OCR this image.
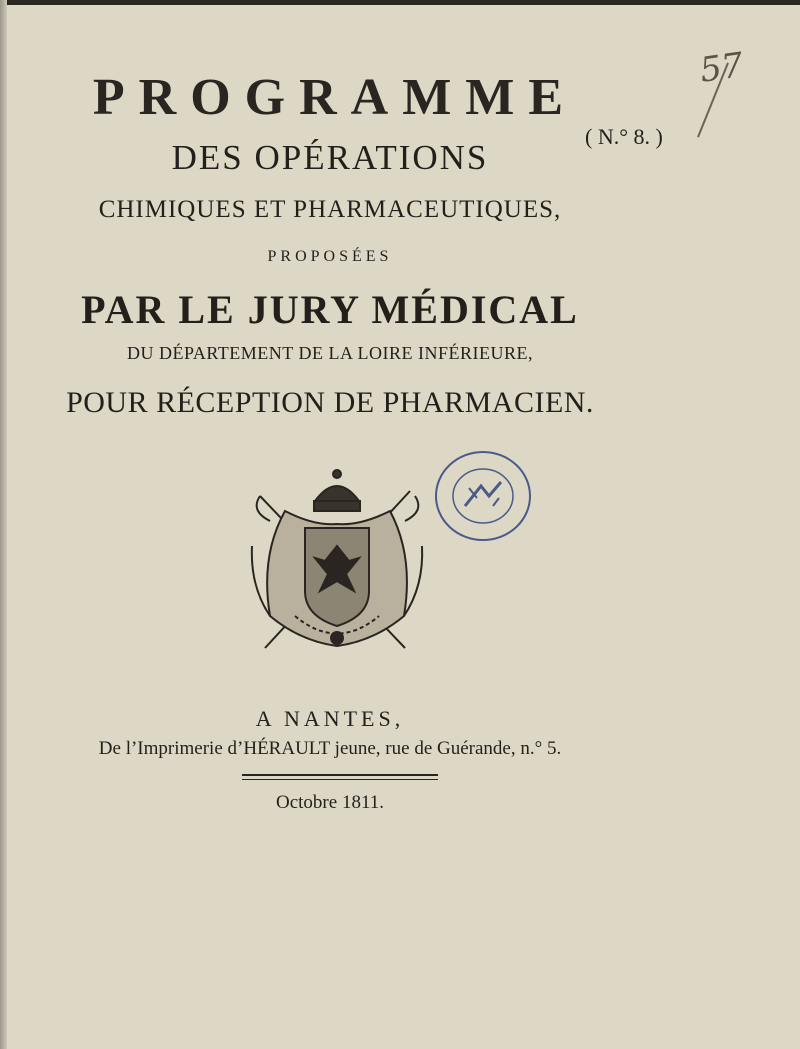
PROGRAMME
( N.° 8. )
57
DES OPÉRATIONS
CHIMIQUES ET PHARMACEUTIQUES,
PROPOSÉES
PAR LE JURY MÉDICAL
DU DÉPARTEMENT DE LA LOIRE INFÉRIEURE,
POUR RÉCEPTION DE PHARMACIEN.
A NANTES,
De l’Imprimerie d’HÉRAULT jeune, rue de Guérande, n.° 5.
Octobre 1811.
